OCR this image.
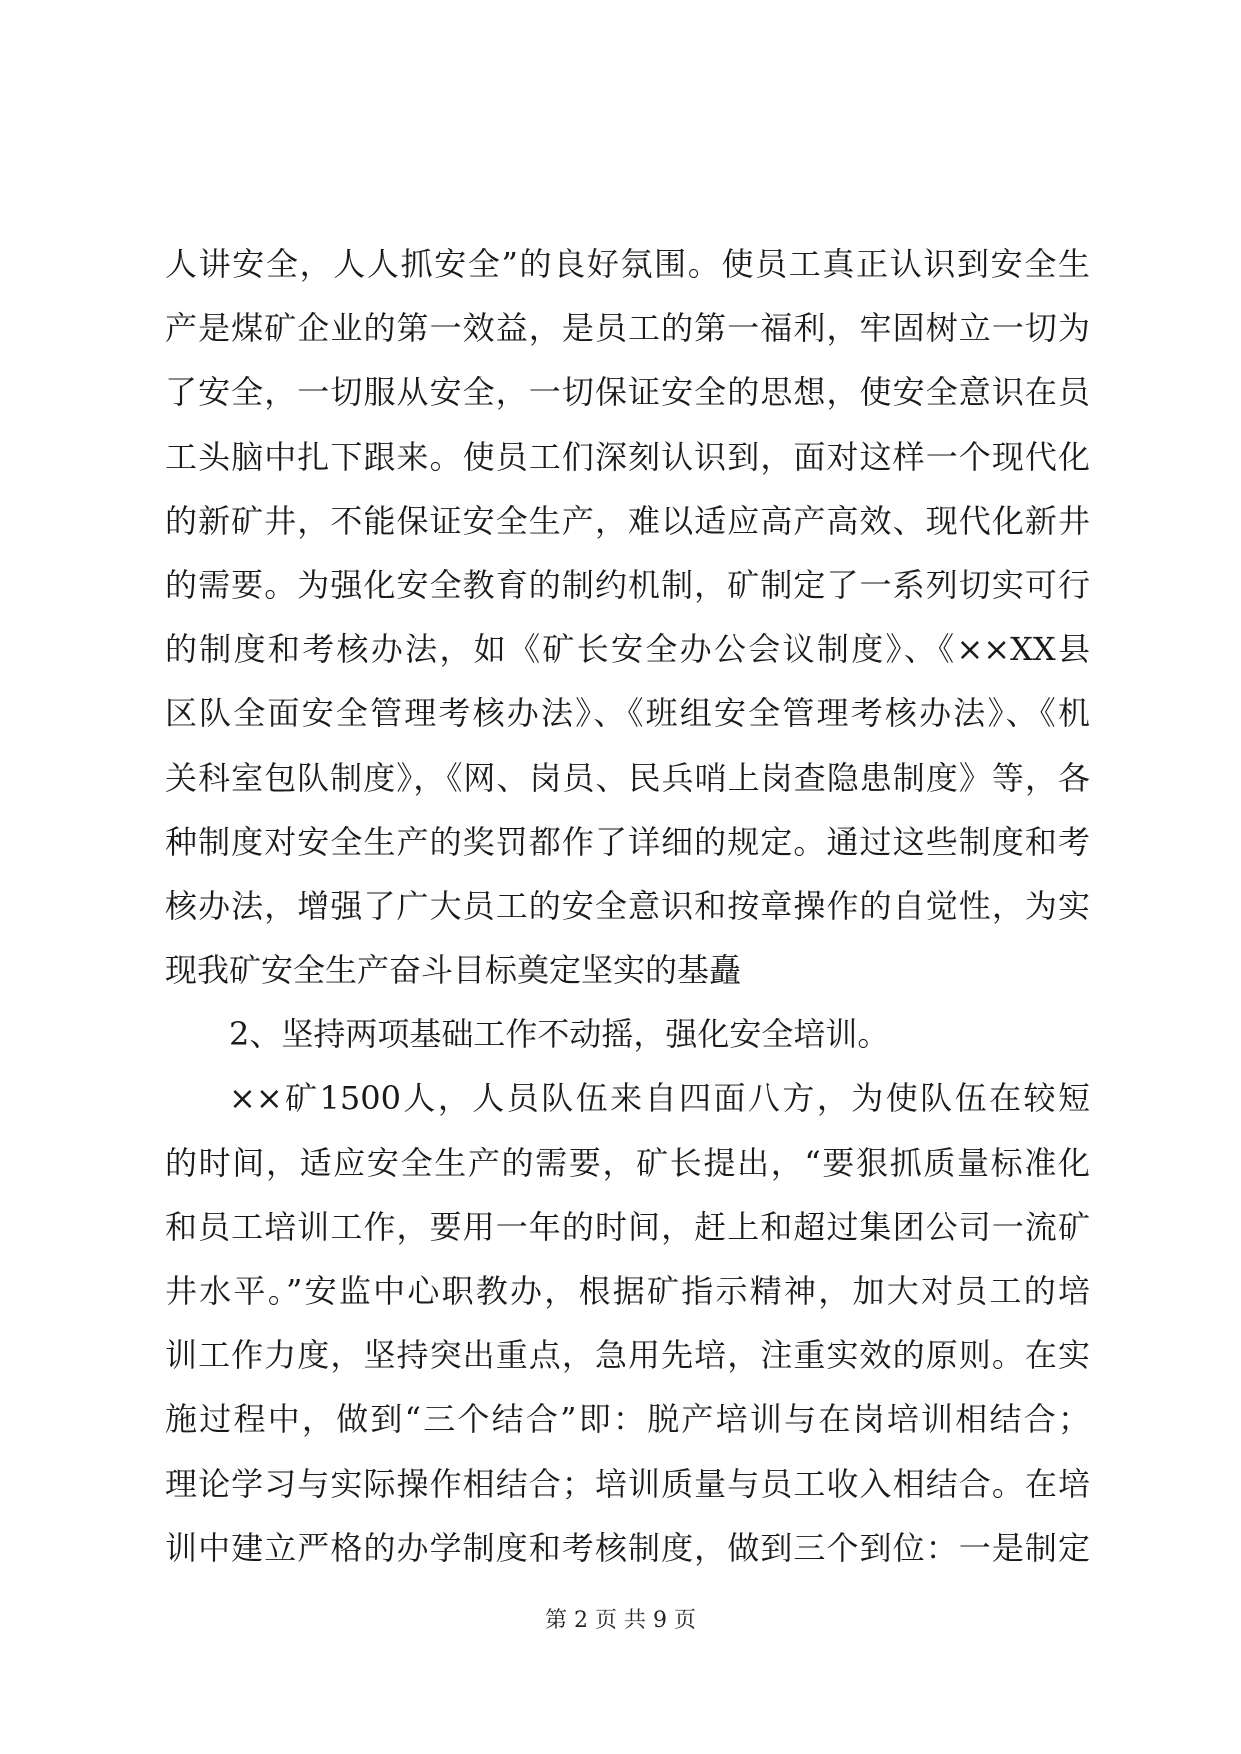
人讲安全，人人抓安全”的良好氛围。使员工真正认识到安全生
产是煤矿企业的第一效益，是员工的第一福利，牢固树立一切为
了安全，一切服从安全，一切保证安全的思想，使安全意识在员
工头脑中扎下跟来。使员工们深刻认识到，面对这样一个现代化
的新矿井，不能保证安全生产，难以适应高产高效、现代化新井
的需要。为强化安全教育的制约机制，矿制定了一系列切实可行
的制度和考核办法，如《矿长安全办公会议制度》、《××XX县
区队全面安全管理考核办法》、《班组安全管理考核办法》、《机
关科室包队制度》，《网、岗员、民兵哨上岗查隐患制度》等，各
种制度对安全生产的奖罚都作了详细的规定。通过这些制度和考
核办法，增强了广大员工的安全意识和按章操作的自觉性，为实
现我矿安全生产奋斗目标奠定坚实的基矗
2、坚持两项基础工作不动摇，强化安全培训。
××矿1500人，人员队伍来自四面八方，为使队伍在较短
的时间，适应安全生产的需要，矿长提出，“要狠抓质量标准化
和员工培训工作，要用一年的时间，赶上和超过集团公司一流矿
井水平。”安监中心职教办，根据矿指示精神，加大对员工的培
训工作力度，坚持突出重点，急用先培，注重实效的原则。在实
施过程中，做到“三个结合”即：脱产培训与在岗培训相结合；
理论学习与实际操作相结合；培训质量与员工收入相结合。在培
训中建立严格的办学制度和考核制度，做到三个到位：一是制定
第 2 页 共 9 页
